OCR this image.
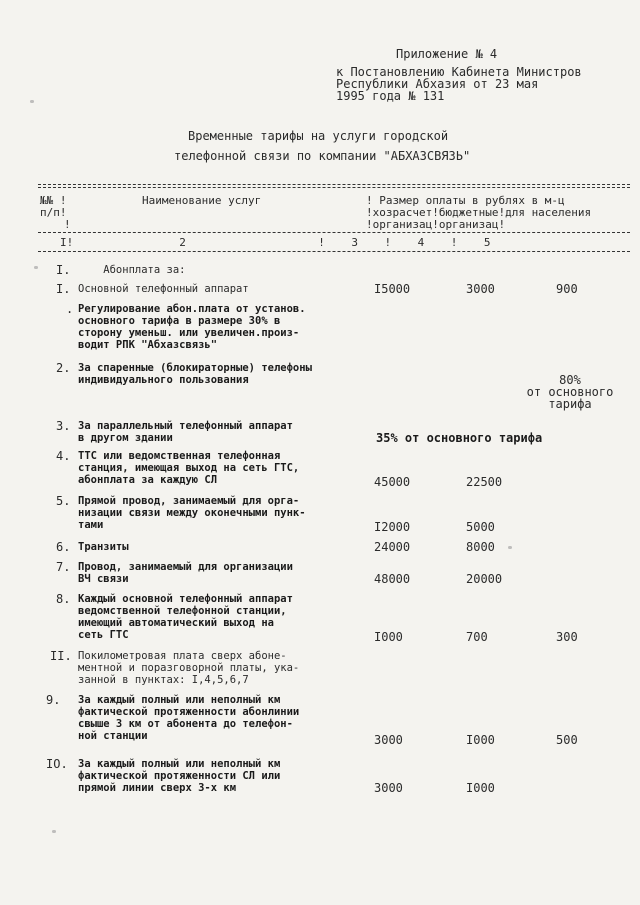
Приложение № 4
к Постановлению Кабинета Министров
Республики Абхазия от 23 мая
1995 года № 131
Временные тарифы на услуги городской
телефонной связи по компании "АБХАЗСВЯЗЬ"
№№ !
п/п!
!
Наименование услуг	! Размер оплаты в рублях в м-ц
!хозрасчет!бюджетные!для населения
!организац!организац!
I!                2                    !    3    !    4    !    5
I. Абонплата за:
I. Основной телефонный аппарат	I5000	3000	900
. Регулирование абон.плата от установ.
основного тарифа в размере 30% в
сторону уменьш. или увеличен.произ-
водит РПК "Абхазсвязь"
2. За спаренные (блокираторные) телефоны
индивидуального пользования	80%
от основного
тарифа
3. За параллельный телефонный аппарат
в другом здании	35% от основного тарифа
4. ТТС или ведомственная телефонная
станция, имеющая выход на сеть ГТС,
абонплата за каждую СЛ	45000	22500
5. Прямой провод, занимаемый для орга-
низации связи между оконечными пунк-
тами	I2000	5000
6. Транзиты	24000	8000
7. Провод, занимаемый для организации
ВЧ связи	48000	20000
8. Каждый основной телефонный аппарат
ведомственной телефонной станции,
имеющий автоматический выход на
сеть ГТС	I000	700	300
II. Покилометровая плата сверх абоне-
ментной и поразговорной платы, ука-
занной в пунктах: I,4,5,6,7
9. За каждый полный или неполный км
фактической протяженности абонлинии
свыше 3 км от абонента до телефон-
ной станции	3000	I000	500
IO. За каждый полный или неполный км
фактической протяженности СЛ или
прямой линии сверх 3-х км	3000	I000
